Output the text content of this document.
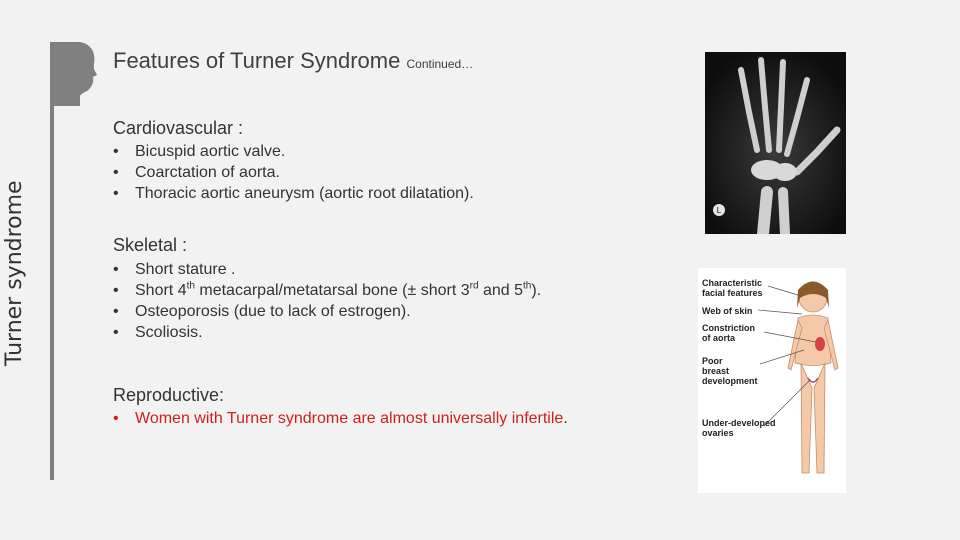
Turner syndrome
Features of Turner Syndrome Continued…
Cardiovascular :
• Bicuspid aortic valve.
• Coarctation of aorta.
• Thoracic aortic aneurysm (aortic root dilatation).
Skeletal :
• Short stature .
• Short 4th metacarpal/metatarsal bone (± short 3rd and 5th).
• Osteoporosis (due to lack of estrogen).
• Scoliosis.
Reproductive:
• Women with Turner syndrome are almost universally infertile.
L
Characteristic
facial features
Web of skin
Constriction
of aorta
Poor
breast
development
Under-developed
ovaries
